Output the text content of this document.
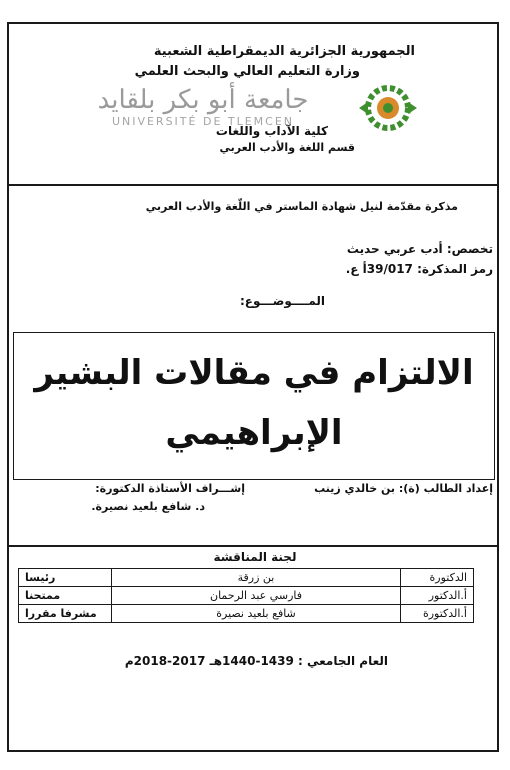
الجمهورية الجزائرية الديمقراطية الشعبية
وزارة التعليم العالي والبحث العلمي
جامعة أبو بكر بلقايد
UNIVERSITÉ DE TLEMCEN
كلية الآداب واللغات
قسم اللغة والأدب العربي
مذكرة مقدّمة لنيل شهادة الماستر في اللّغة والأدب العربي
تخصص: أدب عربي حديث
رمز المذكرة: 39/017أ ع.
المــــوضـــوع:
الالتزام في مقالات البشير
الإبراهيمي
إعداد الطالب (ة): بن خالدي زينب
إشـــراف الأستاذة الدكتورة:
د. شافع بلعيد نصيرة.
لجنة المناقشة
الدكتورة	بن زرقة	رئيسا
أ.الدكتور	فارسي عبد الرحمان	ممتحنا
أ.الدكتورة	شافع بلعيد نصيرة	مشرفا مقررا
العام الجامعي : 1439-1440هـ 2017-2018م
